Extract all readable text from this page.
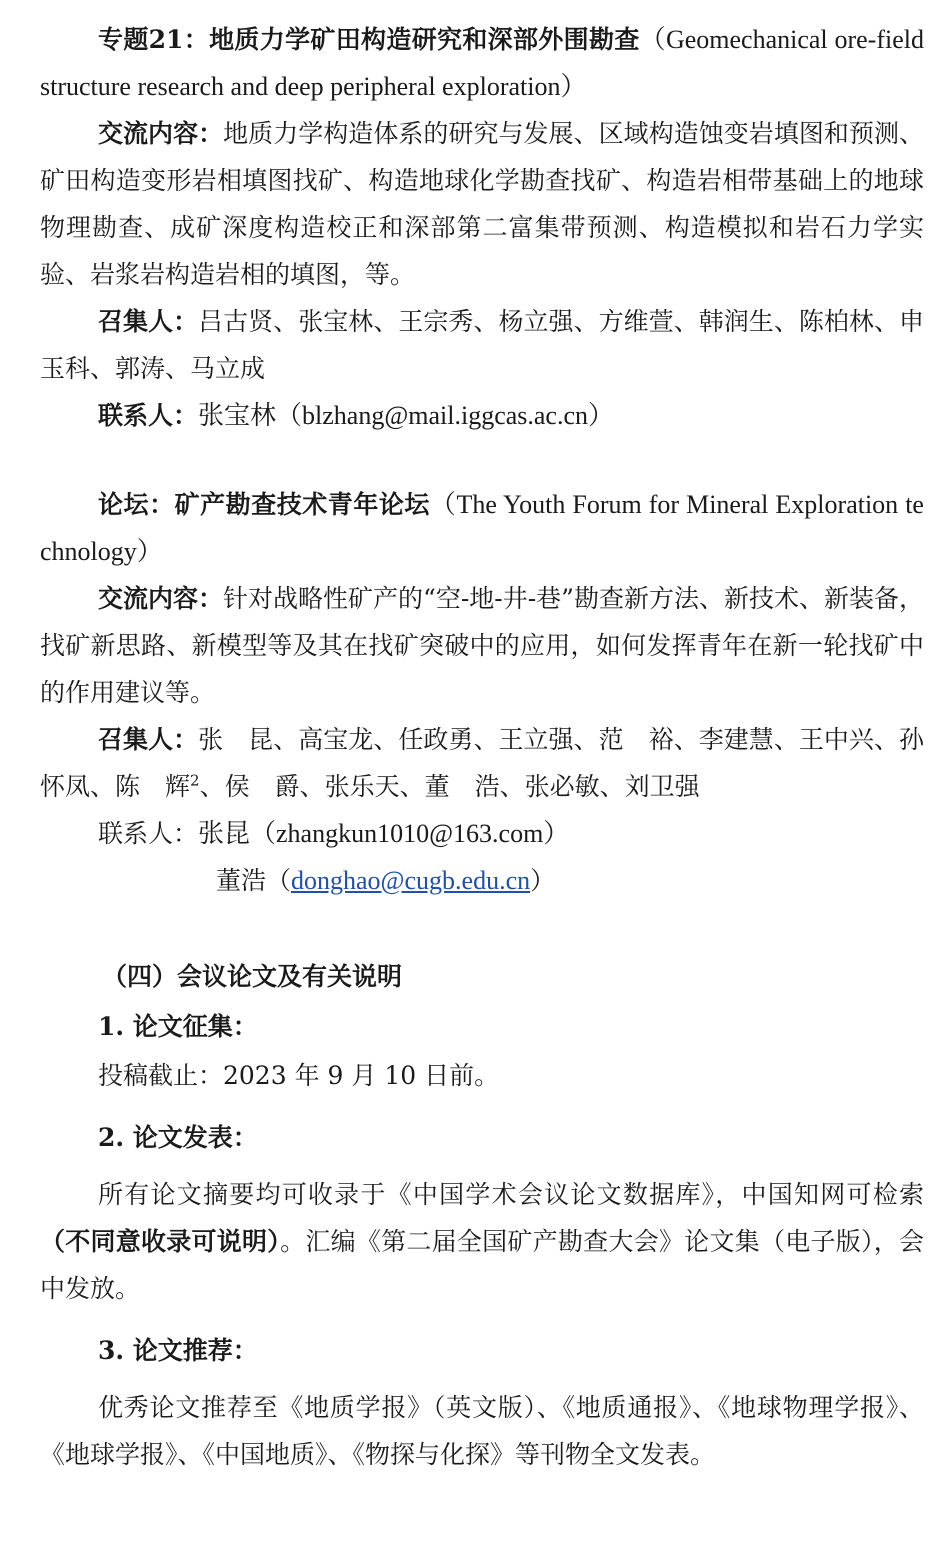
专题21：地质力学矿田构造研究和深部外围勘查（Geomechanical ore-field structure research and deep peripheral exploration）

交流内容：地质力学构造体系的研究与发展、区域构造蚀变岩填图和预测、矿田构造变形岩相填图找矿、构造地球化学勘查找矿、构造岩相带基础上的地球物理勘查、成矿深度构造校正和深部第二富集带预测、构造模拟和岩石力学实验、岩浆岩构造岩相的填图，等。

召集人：吕古贤、张宝林、王宗秀、杨立强、方维萱、韩润生、陈柏林、申玉科、郭涛、马立成

联系人：张宝林（blzhang@mail.iggcas.ac.cn）

论坛：矿产勘查技术青年论坛（The Youth Forum for Mineral Exploration technology）

交流内容：针对战略性矿产的“空-地-井-巷”勘查新方法、新技术、新装备，找矿新思路、新模型等及其在找矿突破中的应用，如何发挥青年在新一轮找矿中的作用建议等。

召集人：张　昆、高宝龙、任政勇、王立强、范　裕、李建慧、王中兴、孙怀凤、陈　辉$^2$、侯　爵、张乐天、董　浩、张必敏、刘卫强

联系人：张昆（zhangkun1010@163.com）

董浩（donghao@cugb.edu.cn）

（四）会议论文及有关说明

1. 论文征集：

投稿截止：2023 年 9 月 10 日前。

2. 论文发表：

所有论文摘要均可收录于《中国学术会议论文数据库》，中国知网可检索（不同意收录可说明）。汇编《第二届全国矿产勘查大会》论文集（电子版），会中发放。

3. 论文推荐：

优秀论文推荐至《地质学报》（英文版）、《地质通报》、《地球物理学报》、《地球学报》、《中国地质》、《物探与化探》等刊物全文发表。
